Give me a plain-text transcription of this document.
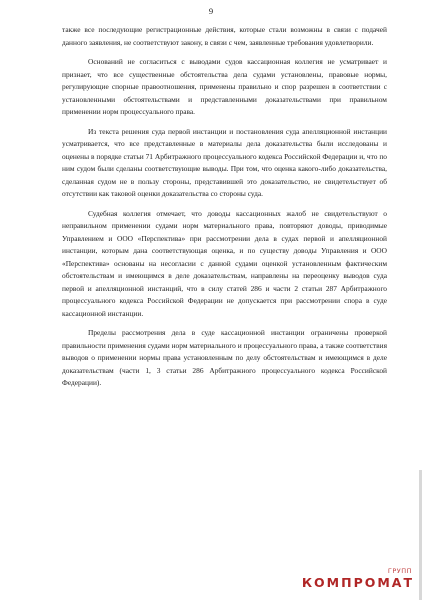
9

также все последующие регистрационные действия, которые стали возможны в связи с подачей данного заявления, не соответствуют закону, в связи с чем, заявленные требования удовлетворили.

Оснований не согласиться с выводами судов кассационная коллегия не усматривает и признает, что все существенные обстоятельства дела судами установлены, правовые нормы, регулирующие спорные правоотношения, применены правильно и спор разрешен в соответствии с установленными обстоятельствами и представленными доказательствами при правильном применении норм процессуального права.

Из текста решения суда первой инстанции и постановления суда апелляционной инстанции усматривается, что все представленные в материалы дела доказательства были исследованы и оценены в порядке статьи 71 Арбитражного процессуального кодекса Российской Федерации и, что по ним судом были сделаны соответствующие выводы. При том, что оценка какого-либо доказательства, сделанная судом не в пользу стороны, представившей это доказательство, не свидетельствует об отсутствии как таковой оценки доказательства со стороны суда.

Судебная коллегия отмечает, что доводы кассационных жалоб не свидетельствуют о неправильном применении судами норм материального права, повторяют доводы, приводимые Управлением и ООО «Перспектива» при рассмотрении дела в судах первой и апелляционной инстанции, которым дана соответствующая оценка, и по существу доводы Управления и ООО «Перспектива» основаны на несогласии с данной судами оценкой установленным фактическим обстоятельствам и имеющимся в деле доказательствам, направлены на переоценку выводов суда первой и апелляционной инстанций, что в силу статей 286 и части 2 статьи 287 Арбитражного процессуального кодекса Российской Федерации не допускается при рассмотрении спора в суде кассационной инстанции.

Пределы рассмотрения дела в суде кассационной инстанции ограничены проверкой правильности применения судами норм материального и процессуального права, а также соответствия выводов о применении нормы права установленным по делу обстоятельствам и имеющимся в деле доказательствам (части 1, 3 статьи 286 Арбитражного процессуального кодекса Российской Федерации).

ГРУПП
КОМПРОМАТ
